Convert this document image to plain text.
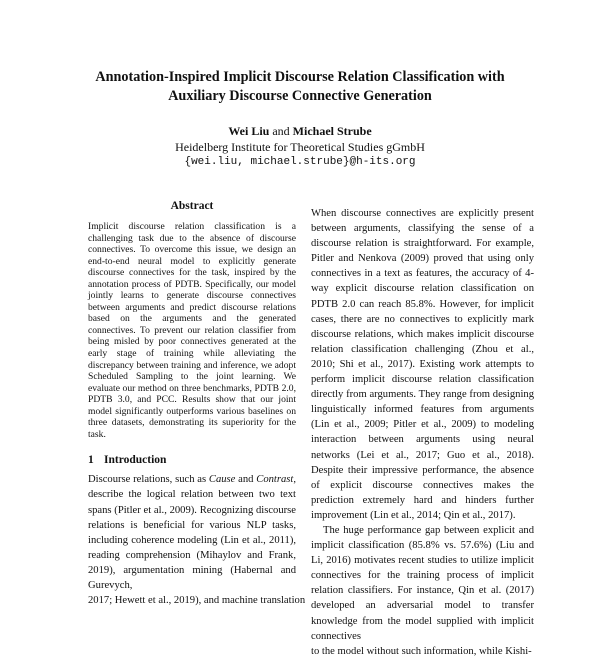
Annotation-Inspired Implicit Discourse Relation Classification with
Auxiliary Discourse Connective Generation
Wei Liu and Michael Strube
Heidelberg Institute for Theoretical Studies gGmbH
{wei.liu, michael.strube}@h-its.org
Abstract
Implicit discourse relation classification is a challenging task due to the absence of discourse connectives. To overcome this issue, we design an end-to-end neural model to explicitly generate discourse connectives for the task, inspired by the annotation process of PDTB. Specifically, our model jointly learns to generate discourse connectives between arguments and predict discourse relations based on the arguments and the generated connectives. To prevent our relation classifier from being misled by poor connectives generated at the early stage of training while alleviating the discrepancy between training and inference, we adopt Scheduled Sampling to the joint learning. We evaluate our method on three benchmarks, PDTB 2.0, PDTB 3.0, and PCC. Results show that our joint model significantly outperforms various baselines on three datasets, demonstrating its superiority for the task.
1 Introduction

Discourse relations, such as Cause and Contrast, describe the logical relation between two text spans (Pitler et al., 2009). Recognizing discourse relations is beneficial for various NLP tasks, including coherence modeling (Lin et al., 2011), reading comprehension (Mihaylov and Frank, 2019), argumentation mining (Habernal and Gurevych,

2017; Hewett et al., 2019), and machine translation

When discourse connectives are explicitly present between arguments, classifying the sense of a discourse relation is straightforward. For example, Pitler and Nenkova (2009) proved that using only connectives in a text as features, the accuracy of 4-way explicit discourse relation classification on PDTB 2.0 can reach 85.8%. However, for implicit cases, there are no connectives to explicitly mark discourse relations, which makes implicit discourse relation classification challenging (Zhou et al., 2010; Shi et al., 2017). Existing work attempts to perform implicit discourse relation classification directly from arguments. They range from designing linguistically informed features from arguments (Lin et al., 2009; Pitler et al., 2009) to modeling interaction between arguments using neural networks (Lei et al., 2017; Guo et al., 2018). Despite their impressive performance, the absence of explicit discourse connectives makes the prediction extremely hard and hinders further improvement (Lin et al., 2014; Qin et al., 2017).

The huge performance gap between explicit and implicit classification (85.8% vs. 57.6%) (Liu and Li, 2016) motivates recent studies to utilize implicit connectives for the training process of implicit relation classifiers. For instance, Qin et al. (2017) developed an adversarial model to transfer knowledge from the model supplied with implicit connectives

to the model without such information, while Kishi-
